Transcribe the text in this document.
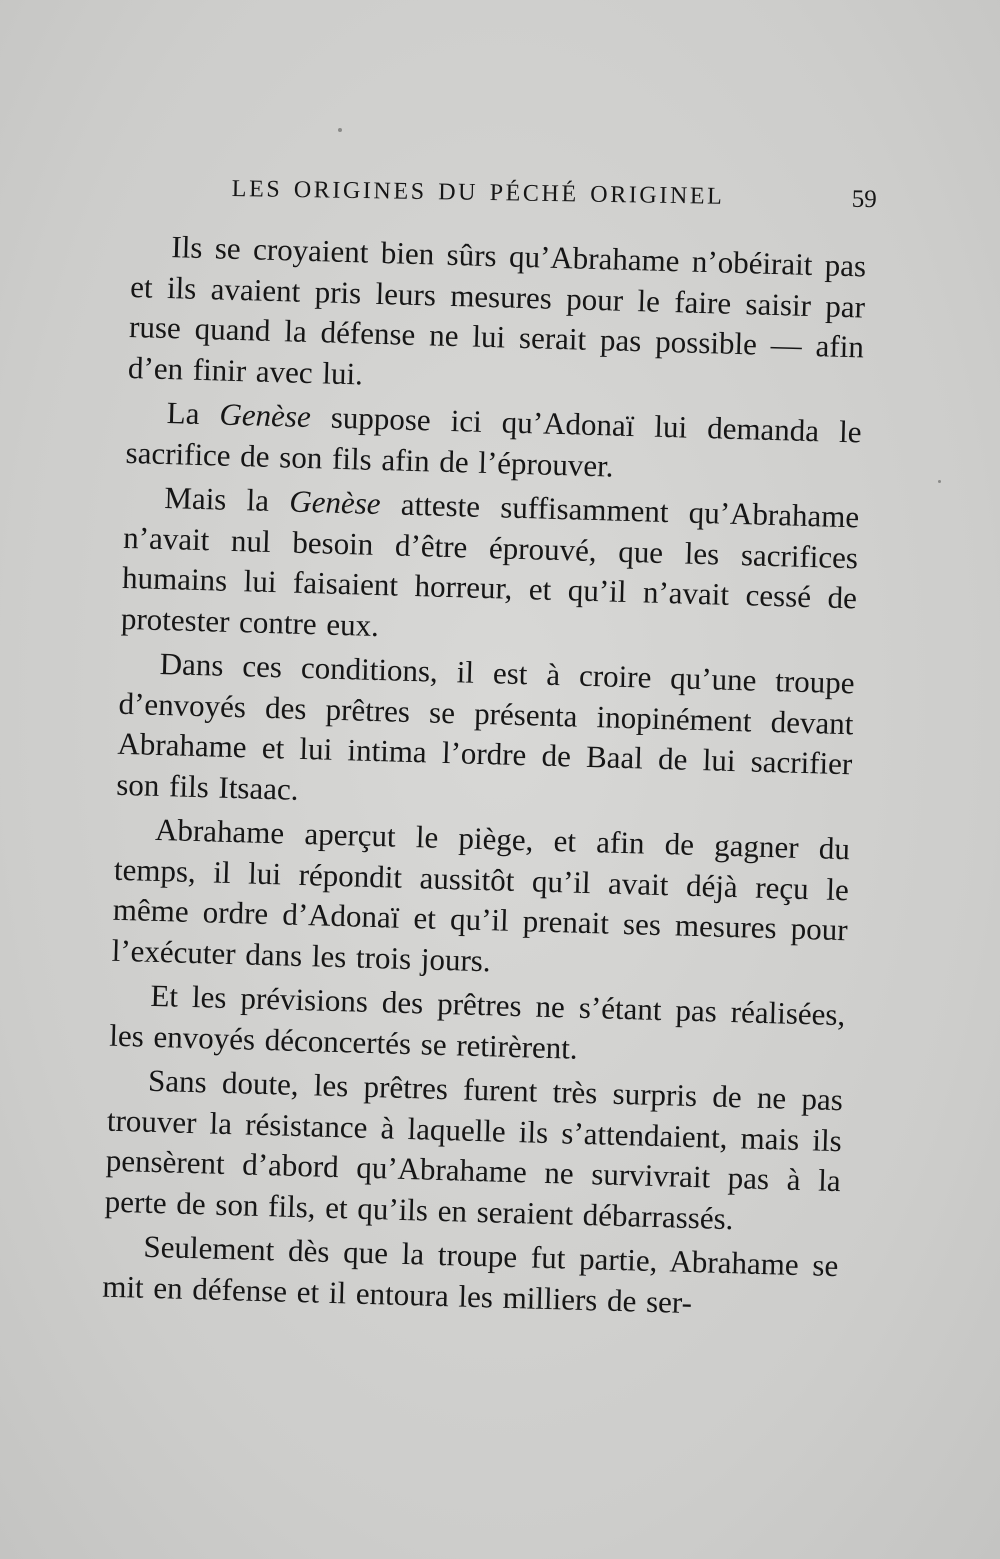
LES ORIGINES DU PÉCHÉ ORIGINEL	59

Ils se croyaient bien sûrs qu’Abrahame n’obéirait pas et ils avaient pris leurs mesures pour le faire saisir par ruse quand la défense ne lui serait pas possible — afin d’en finir avec lui.

La Genèse suppose ici qu’Adonaï lui demanda le sacrifice de son fils afin de l’éprouver.

Mais la Genèse atteste suffisamment qu’Abrahame n’avait nul besoin d’être éprouvé, que les sacrifices humains lui faisaient horreur, et qu’il n’avait cessé de protester contre eux.

Dans ces conditions, il est à croire qu’une troupe d’envoyés des prêtres se présenta inopinément devant Abrahame et lui intima l’ordre de Baal de lui sacrifier son fils Itsaac.

Abrahame aperçut le piège, et afin de gagner du temps, il lui répondit aussitôt qu’il avait déjà reçu le même ordre d’Adonaï et qu’il prenait ses mesures pour l’exécuter dans les trois jours.

Et les prévisions des prêtres ne s’étant pas réalisées, les envoyés déconcertés se retirèrent.

Sans doute, les prêtres furent très surpris de ne pas trouver la résistance à laquelle ils s’attendaient, mais ils pensèrent d’abord qu’Abrahame ne survivrait pas à la perte de son fils, et qu’ils en seraient débarrassés.

Seulement dès que la troupe fut partie, Abrahame se mit en défense et il entoura les milliers de ser-
